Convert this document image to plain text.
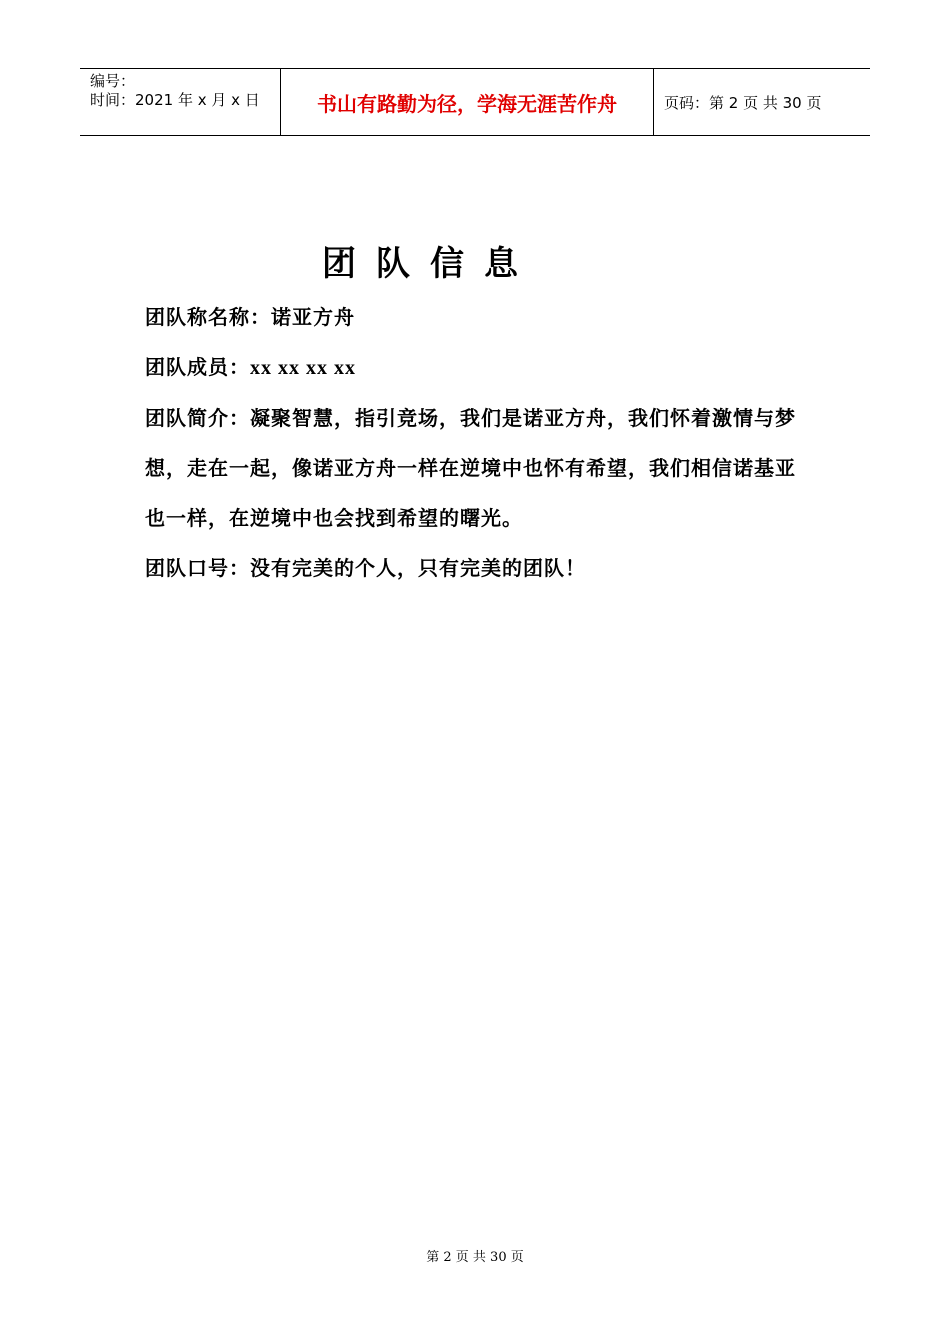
编号：
时间：2021 年 x 月 x 日	书山有路勤为径，学海无涯苦作舟	页码：第 2 页 共 30 页
团队信息

团队称名称：诺亚方舟

团队成员：xx xx xx xx

团队简介：凝聚智慧，指引竞场，我们是诺亚方舟，我们怀着激情与梦想，走在一起，像诺亚方舟一样在逆境中也怀有希望，我们相信诺基亚也一样，在逆境中也会找到希望的曙光。

团队口号：没有完美的个人，只有完美的团队！

第 2 页 共 30 页
